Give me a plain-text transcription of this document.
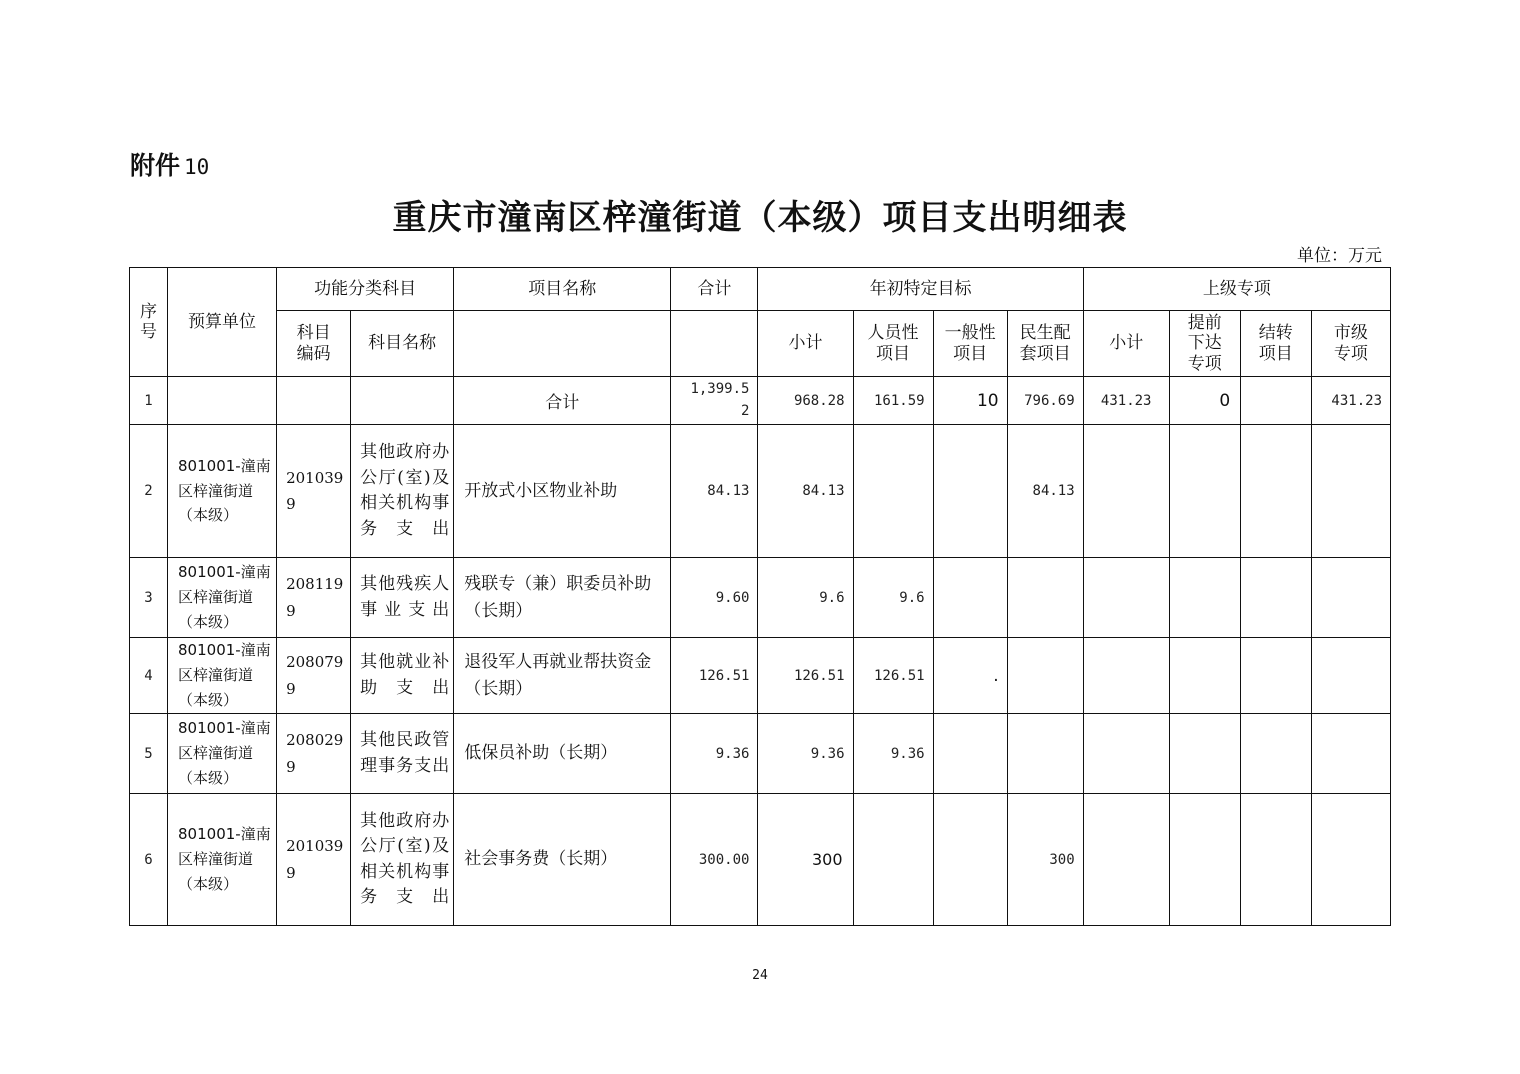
附件 10
重庆市潼南区梓潼街道（本级）项目支出明细表
单位：万元
序号	预算单位	功能分类科目		项目名称	合计	年初特定目标				上级专项			
		科目编码	科目名称			小计	人员性项目	一般性项目	民生配套项目	小计	提前下达专项	结转项目	市级专项
1				合计	1,399.52	968.28	161.59	10	796.69	431.23	0		431.23
2	801001-潼南区梓潼街道（本级）	2010399	其他政府办公厅(室)及相关机构事务支出	开放式小区物业补助	84.13	84.13			84.13				
3	801001-潼南区梓潼街道（本级）	2081199	其他残疾人事业支出	残联专（兼）职委员补助（长期）	9.60	9.6	9.6						
4	801001-潼南区梓潼街道（本级）	2080799	其他就业补助支出	退役军人再就业帮扶资金（长期）	126.51	126.51	126.51	.					
5	801001-潼南区梓潼街道（本级）	2080299	其他民政管理事务支出	低保员补助（长期）	9.36	9.36	9.36						
6	801001-潼南区梓潼街道（本级）	2010399	其他政府办公厅(室)及相关机构事务支出	社会事务费（长期）	300.00	300			300				
24
